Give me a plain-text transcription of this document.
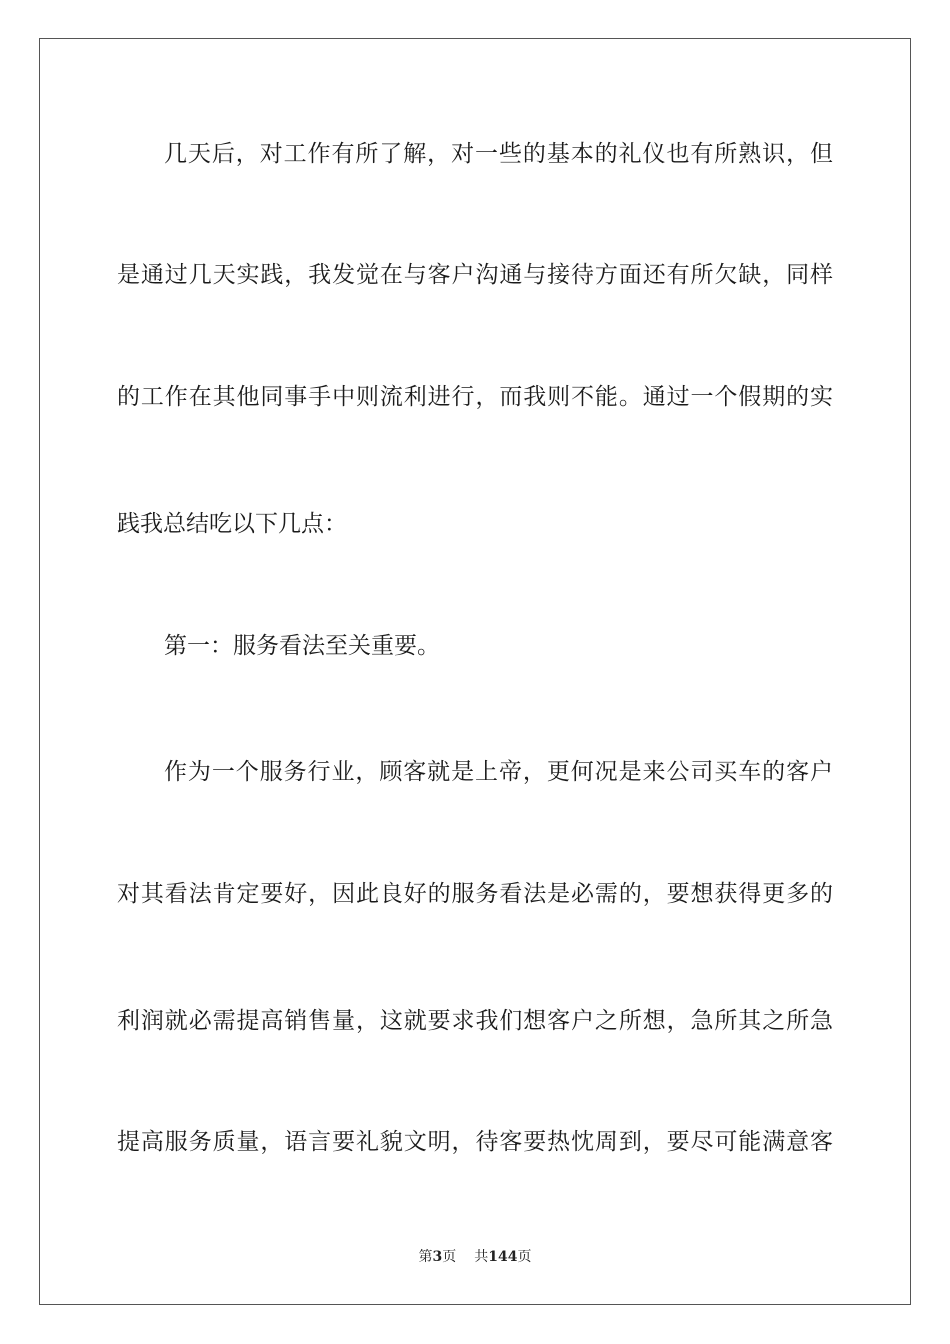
几天后，对工作有所了解，对一些的基本的礼仪也有所熟识，但
是通过几天实践，我发觉在与客户沟通与接待方面还有所欠缺，同样
的工作在其他同事手中则流利进行，而我则不能。通过一个假期的实
践我总结吃以下几点：
第一：服务看法至关重要。
作为一个服务行业，顾客就是上帝，更何况是来公司买车的客户
对其看法肯定要好，因此良好的服务看法是必需的，要想获得更多的
利润就必需提高销售量，这就要求我们想客户之所想，急所其之所急
提高服务质量，语言要礼貌文明，待客要热忱周到，要尽可能满意客
第3页 共144页
